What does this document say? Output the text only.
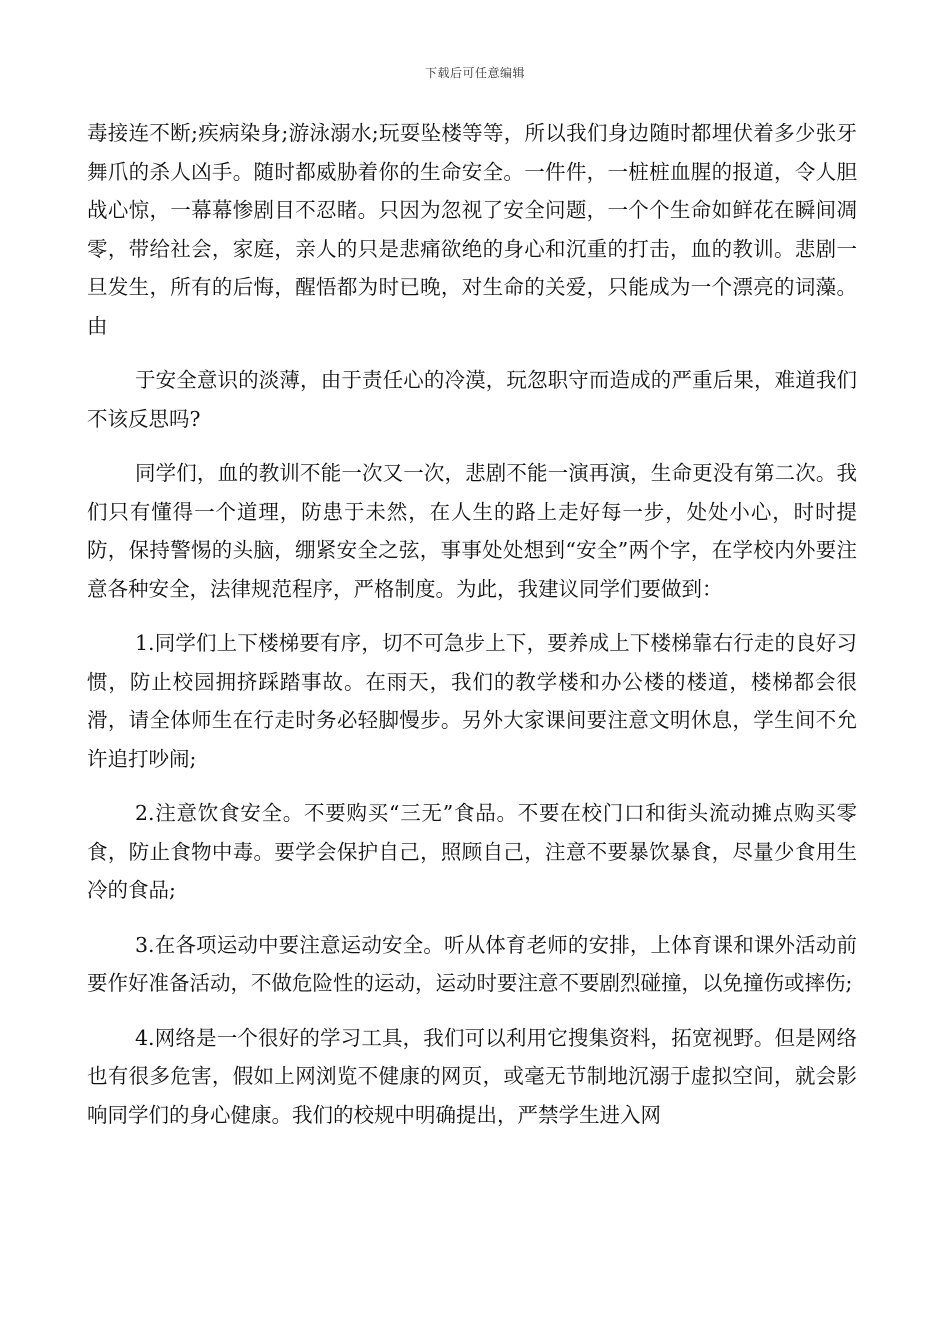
下载后可任意编辑

毒接连不断;疾病染身;游泳溺水;玩耍坠楼等等，所以我们身边随时都埋伏着多少张牙舞爪的杀人凶手。随时都威胁着你的生命安全。一件件，一桩桩血腥的报道，令人胆战心惊，一幕幕惨剧目不忍睹。只因为忽视了安全问题，一个个生命如鲜花在瞬间凋零，带给社会，家庭，亲人的只是悲痛欲绝的身心和沉重的打击，血的教训。悲剧一旦发生，所有的后悔，醒悟都为时已晚，对生命的关爱，只能成为一个漂亮的词藻。由

于安全意识的淡薄，由于责任心的冷漠，玩忽职守而造成的严重后果，难道我们不该反思吗?

同学们，血的教训不能一次又一次，悲剧不能一演再演，生命更没有第二次。我们只有懂得一个道理，防患于未然，在人生的路上走好每一步，处处小心，时时提防，保持警惕的头脑，绷紧安全之弦，事事处处想到“安全”两个字，在学校内外要注意各种安全，法律规范程序，严格制度。为此，我建议同学们要做到：

1.同学们上下楼梯要有序，切不可急步上下，要养成上下楼梯靠右行走的良好习惯，防止校园拥挤踩踏事故。在雨天，我们的教学楼和办公楼的楼道，楼梯都会很滑，请全体师生在行走时务必轻脚慢步。另外大家课间要注意文明休息，学生间不允许追打吵闹;

2.注意饮食安全。不要购买“三无”食品。不要在校门口和街头流动摊点购买零食，防止食物中毒。要学会保护自己，照顾自己，注意不要暴饮暴食，尽量少食用生冷的食品;

3.在各项运动中要注意运动安全。听从体育老师的安排，上体育课和课外活动前要作好准备活动，不做危险性的运动，运动时要注意不要剧烈碰撞，以免撞伤或摔伤;

4.网络是一个很好的学习工具，我们可以利用它搜集资料，拓宽视野。但是网络也有很多危害，假如上网浏览不健康的网页，或毫无节制地沉溺于虚拟空间，就会影响同学们的身心健康。我们的校规中明确提出，严禁学生进入网
